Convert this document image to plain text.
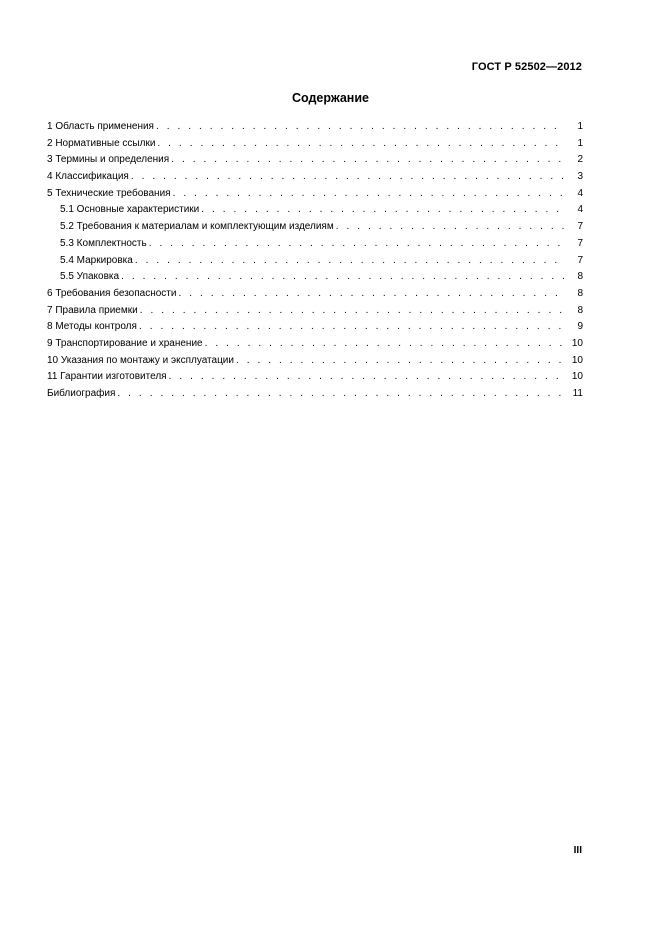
ГОСТ Р 52502—2012
Содержание
1 Область применения . . .	1
2 Нормативные ссылки . . .	1
3 Термины и определения . . .	2
4 Классификация . . .	3
5 Технические требования . . .	4
5.1 Основные характеристики . . .	4
5.2 Требования к материалам и комплектующим изделиям . . .	7
5.3 Комплектность . . .	7
5.4 Маркировка . . .	7
5.5 Упаковка . . .	8
6 Требования безопасности . . .	8
7 Правила приемки . . .	8
8 Методы контроля . . .	9
9 Транспортирование и хранение . . .	10
10 Указания по монтажу и эксплуатации . . .	10
11 Гарантии изготовителя . . .	10
Библиография . . .	11
III
